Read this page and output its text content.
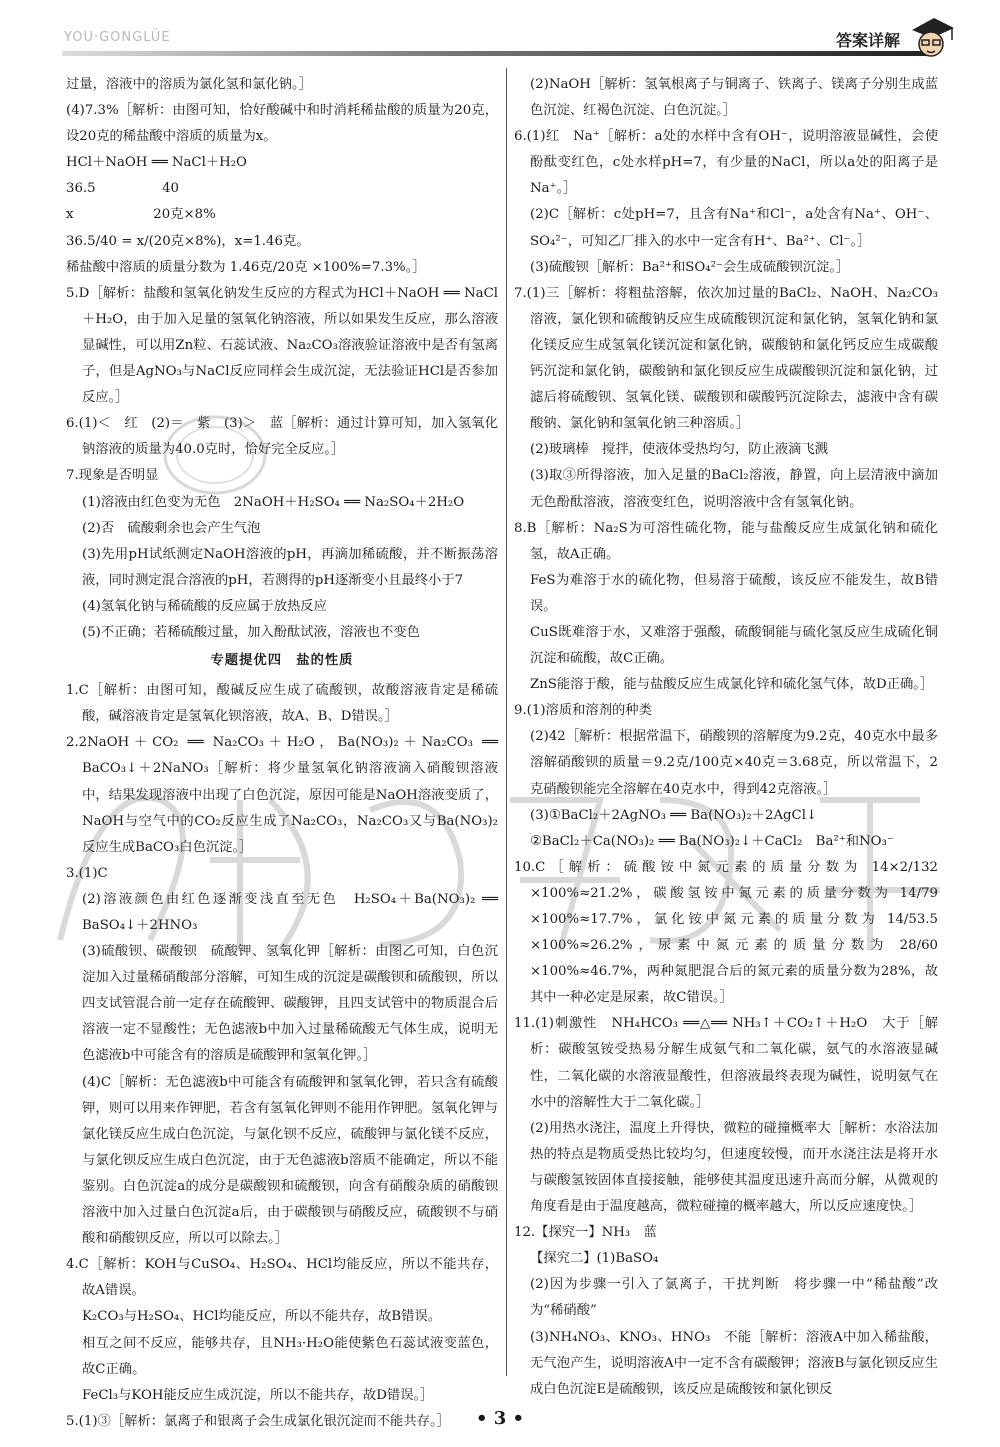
YOU·GONGLÜE	答案详解

过量，溶液中的溶质为氯化氢和氯化钠。］

(4)7.3%［解析：由图可知，恰好酸碱中和时消耗稀盐酸的质量为20克，设20克的稀盐酸中溶质的质量为x。

HCl＋NaOH ══ NaCl＋H₂O

36.5　　　　　40

x　　　　　　20克×8%

36.5/40 = x/(20克×8%)，x=1.46克。

稀盐酸中溶质的质量分数为 1.46克/20克 ×100%=7.3%。］

5.D［解析：盐酸和氢氧化钠发生反应的方程式为HCl＋NaOH ══ NaCl＋H₂O，由于加入足量的氢氧化钠溶液，所以如果发生反应，那么溶液显碱性，可以用Zn粒、石蕊试液、Na₂CO₃溶液验证溶液中是否有氢离子，但是AgNO₃与NaCl反应同样会生成沉淀，无法验证HCl是否参加反应。］

6.(1)＜　红　(2)＝　紫　(3)＞　蓝［解析：通过计算可知，加入氢氧化钠溶液的质量为40.0克时，恰好完全反应。］

7.现象是否明显

(1)溶液由红色变为无色　2NaOH＋H₂SO₄ ══ Na₂SO₄＋2H₂O

(2)否　硫酸剩余也会产生气泡

(3)先用pH试纸测定NaOH溶液的pH，再滴加稀硫酸，并不断振荡溶液，同时测定混合溶液的pH，若测得的pH逐渐变小且最终小于7

(4)氢氧化钠与稀硫酸的反应属于放热反应

(5)不正确；若稀硫酸过量，加入酚酞试液，溶液也不变色

专题提优四　盐的性质

1.C［解析：由图可知，酸碱反应生成了硫酸钡，故酸溶液肯定是稀硫酸，碱溶液肯定是氢氧化钡溶液，故A、B、D错误。］

2.2NaOH＋CO₂ ══ Na₂CO₃＋H₂O，Ba(NO₃)₂＋Na₂CO₃ ══ BaCO₃↓＋2NaNO₃［解析：将少量氢氧化钠溶液滴入硝酸钡溶液中，结果发现溶液中出现了白色沉淀，原因可能是NaOH溶液变质了，NaOH与空气中的CO₂反应生成了Na₂CO₃，Na₂CO₃又与Ba(NO₃)₂反应生成BaCO₃白色沉淀。］

3.(1)C

(2)溶液颜色由红色逐渐变浅直至无色　H₂SO₄＋Ba(NO₃)₂ ══ BaSO₄↓＋2HNO₃

(3)硫酸钡、碳酸钡　硫酸钾、氢氧化钾［解析：由图乙可知，白色沉淀加入过量稀硝酸部分溶解，可知生成的沉淀是碳酸钡和硫酸钡，所以四支试管混合前一定存在硫酸钾、碳酸钾，且四支试管中的物质混合后溶液一定不显酸性；无色滤液b中加入过量稀硫酸无气体生成，说明无色滤液b中可能含有的溶质是硫酸钾和氢氧化钾。］

(4)C［解析：无色滤液b中可能含有硫酸钾和氢氧化钾，若只含有硫酸钾，则可以用来作钾肥，若含有氢氧化钾则不能用作钾肥。氢氧化钾与氯化镁反应生成白色沉淀，与氯化钡不反应，硫酸钾与氯化镁不反应，与氯化钡反应生成白色沉淀，由于无色滤液b溶质不能确定，所以不能鉴别。白色沉淀a的成分是碳酸钡和硫酸钡，向含有硝酸杂质的硝酸钡溶液中加入过量白色沉淀a后，由于碳酸钡与硝酸反应，硫酸钡不与硝酸和硝酸钡反应，所以可以除去。］

4.C［解析：KOH与CuSO₄、H₂SO₄、HCl均能反应，所以不能共存，故A错误。

K₂CO₃与H₂SO₄、HCl均能反应，所以不能共存，故B错误。

相互之间不反应，能够共存，且NH₃·H₂O能使紫色石蕊试液变蓝色，故C正确。

FeCl₃与KOH能反应生成沉淀，所以不能共存，故D错误。］

5.(1)③［解析：氯离子和银离子会生成氯化银沉淀而不能共存。］

(2)NaOH［解析：氢氧根离子与铜离子、铁离子、镁离子分别生成蓝色沉淀、红褐色沉淀、白色沉淀。］

6.(1)红　Na⁺［解析：a处的水样中含有OH⁻，说明溶液显碱性，会使酚酞变红色，c处水样pH=7，有少量的NaCl，所以a处的阳离子是Na⁺。］

(2)C［解析：c处pH=7，且含有Na⁺和Cl⁻，a处含有Na⁺、OH⁻、SO₄²⁻，可知乙厂排入的水中一定含有H⁺、Ba²⁺、Cl⁻。］

(3)硫酸钡［解析：Ba²⁺和SO₄²⁻会生成硫酸钡沉淀。］

7.(1)三［解析：将粗盐溶解，依次加过量的BaCl₂、NaOH、Na₂CO₃溶液，氯化钡和硫酸钠反应生成硫酸钡沉淀和氯化钠，氢氧化钠和氯化镁反应生成氢氧化镁沉淀和氯化钠，碳酸钠和氯化钙反应生成碳酸钙沉淀和氯化钠，碳酸钠和氯化钡反应生成碳酸钡沉淀和氯化钠，过滤后将硫酸钡、氢氧化镁、碳酸钡和碳酸钙沉淀除去，滤液中含有碳酸钠、氯化钠和氢氧化钠三种溶质。］

(2)玻璃棒　搅拌，使液体受热均匀，防止液滴飞溅

(3)取③所得溶液，加入足量的BaCl₂溶液，静置，向上层清液中滴加无色酚酞溶液，溶液变红色，说明溶液中含有氢氧化钠。

8.B［解析：Na₂S为可溶性硫化物，能与盐酸反应生成氯化钠和硫化氢，故A正确。

FeS为难溶于水的硫化物，但易溶于硫酸，该反应不能发生，故B错误。

CuS既难溶于水，又难溶于强酸，硫酸铜能与硫化氢反应生成硫化铜沉淀和硫酸，故C正确。

ZnS能溶于酸，能与盐酸反应生成氯化锌和硫化氢气体，故D正确。］

9.(1)溶质和溶剂的种类

(2)42［解析：根据常温下，硝酸钡的溶解度为9.2克，40克水中最多溶解硝酸钡的质量＝9.2克/100克×40克＝3.68克，所以常温下，2克硝酸钡能完全溶解在40克水中，得到42克溶液。］

(3)①BaCl₂＋2AgNO₃ ══ Ba(NO₃)₂＋2AgCl↓

②BaCl₂＋Ca(NO₃)₂ ══ Ba(NO₃)₂↓＋CaCl₂　Ba²⁺和NO₃⁻

10.C［解析：硫酸铵中氮元素的质量分数为 14×2/132 ×100%≈21.2%，碳酸氢铵中氮元素的质量分数为 14/79 ×100%≈17.7%，氯化铵中氮元素的质量分数为 14/53.5 ×100%≈26.2%，尿素中氮元素的质量分数为 28/60 ×100%≈46.7%，两种氮肥混合后的氮元素的质量分数为28%，故其中一种必定是尿素，故C错误。］

11.(1)刺激性　NH₄HCO₃ ══△══ NH₃↑＋CO₂↑＋H₂O　大于［解析：碳酸氢铵受热易分解生成氨气和二氧化碳，氨气的水溶液显碱性，二氧化碳的水溶液显酸性，但溶液最终表现为碱性，说明氨气在水中的溶解性大于二氧化碳。］

(2)用热水浇注，温度上升得快，微粒的碰撞概率大［解析：水浴法加热的特点是物质受热比较均匀，但速度较慢，而开水浇注法是将开水与碳酸氢铵固体直接接触，能够使其温度迅速升高而分解，从微观的角度看是由于温度越高，微粒碰撞的概率越大，所以反应速度快。］

12.【探究一】NH₃　蓝

【探究二】(1)BaSO₄

(2)因为步骤一引入了氯离子，干扰判断　将步骤一中“稀盐酸”改为“稀硝酸”

(3)NH₄NO₃、KNO₃、HNO₃　不能［解析：溶液A中加入稀盐酸，无气泡产生，说明溶液A中一定不含有碳酸钾；溶液B与氯化钡反应生成白色沉淀E是硫酸钡，该反应是硫酸铵和氯化钡反

• 3 •
